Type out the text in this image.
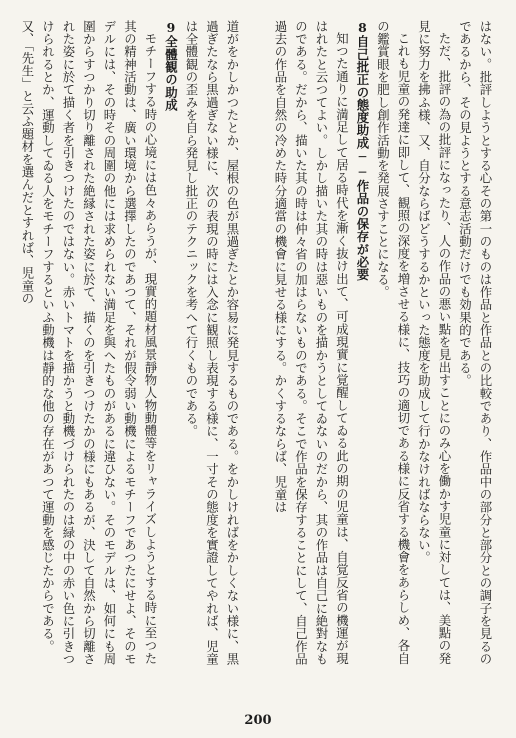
はない。批評しようとする心その第一のものは作品と作品との比較であり、作品中の部分と部分との調子を見るのであるから、その見ようとする意志活動だけでも効果的である。

ただ、批評の為の批評になったり、人の作品の悪い點を見出すことにのみ心を働かす児童に対しては、美點の発見に努力を拂ふ様、又、自分ならばどうするかといった態度を助成して行かなければならない。

これも児童の発達に即して、観照の深度を増させる様に、技巧の適切である様に反省する機會をあらしめ、各自の鑑賞眼を肥し創作活動を発展さすことになる。

8自己批正の態度助成──作品の保存が必要

知つた通りに満足して居る時代を漸く抜け出て、可成現實に覚醒してゐる此の期の児童は、自覚反省の機運が現はれたと云つてよい。しかし描いた其の時は惡いものを描かうとしてゐないのだから、其の作品は自己に絶對なものである。だから、描いた其の時は仲々省の加はらないものである。そこで作品を保存することにして、自己作品過去の作品を自然の冷めた時分適當の機會に見せる様にする。かくするならば、児童は

道がをかしかつたとか、屋根の色が黒過ぎたとか容易に発見するものである。をかしければをかしくない様に、黒過ぎたなら黒過ぎない様に、次の表現の時には入念に観照し表現する様に、一寸その態度を實證してやれば、児童は全體観の歪みを自ら発見し批正のテクニックを考へて行くものである。

9全體観の助成

モチーフする時の心境には色々あらうが、現實的題材風景靜物人物動體等をリャライズしようとする時に至つた其の精神活動は、廣い環境から選擇したのであつて、それが假令弱い動機によるモチーフであつたにせよ、そのモデルには、その時その周圍の他には求められない満足を與へたものがあるに違ひない。そのモデルは、如何にも周圍からすつかり切り離された絶縁された姿に於て、描くのを引きつけたかの様にもあるが、決して自然から切離された姿に於て描く者を引きつけたのではない。赤いトマトを描かうと動機づけられたのは緑の中の赤い色に引きつけられるとか、運動してゐる人をモチーフするといふ動機は靜的な他の存在があつて運動を感じたからである。又、「先生」と云ふ題材を選んだとすれば、児童の

200
